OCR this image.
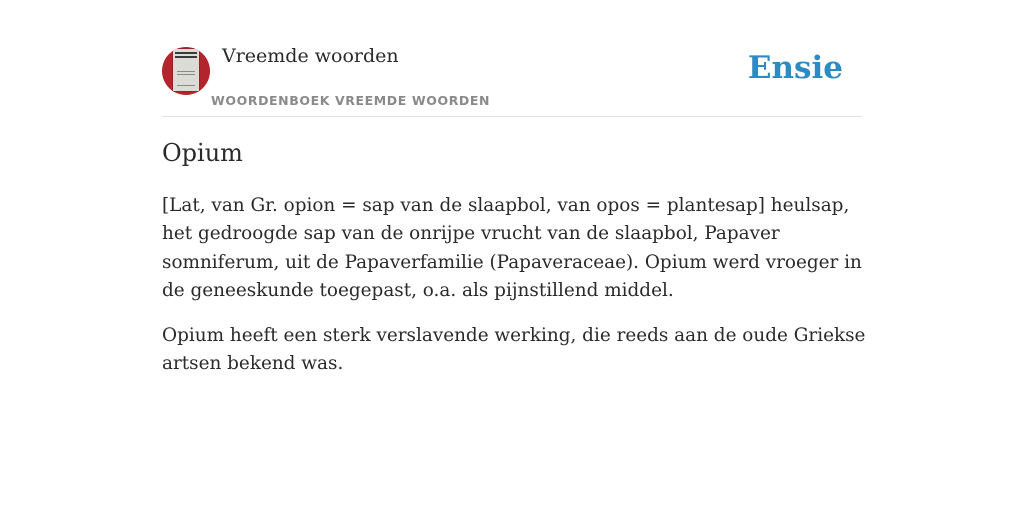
Vreemde woorden
WOORDENBOEK VREEMDE WOORDEN
Ensie
Opium

[Lat, van Gr. opion = sap van de slaapbol, van opos = plantesap] heulsap, het gedroogde sap van de onrijpe vrucht van de slaapbol, Papaver somniferum, uit de Papaverfamilie (Papaveraceae). Opium werd vroeger in de geneeskunde toegepast, o.a. als pijnstillend middel.

Opium heeft een sterk verslavende werking, die reeds aan de oude Griekse artsen bekend was.
